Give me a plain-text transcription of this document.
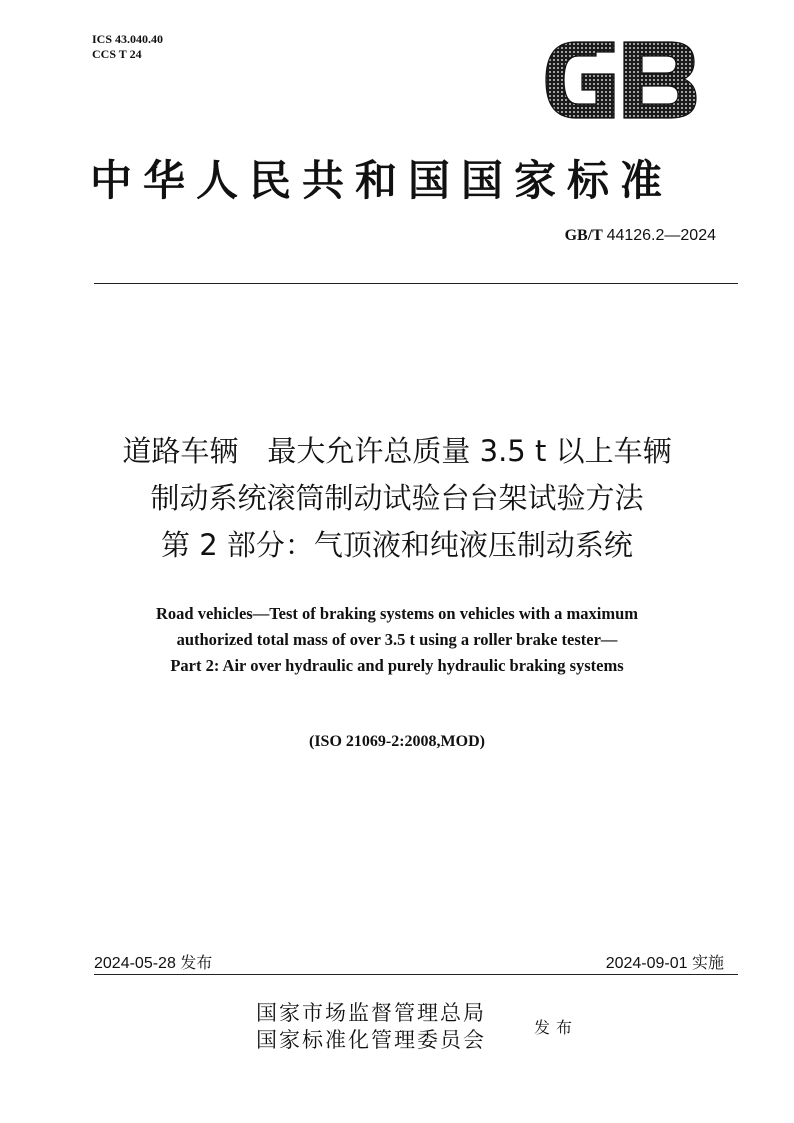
ICS 43.040.40
CCS T 24
中华人民共和国国家标准
GB/T 44126.2—2024
道路车辆　最大允许总质量 3.5 t 以上车辆
制动系统滚筒制动试验台台架试验方法
第 2 部分：气顶液和纯液压制动系统
Road vehicles—Test of braking systems on vehicles with a maximum
authorized total mass of over 3.5 t using a roller brake tester—
Part 2: Air over hydraulic and purely hydraulic braking systems
(ISO 21069-2:2008,MOD)
2024-05-28 发布	2024-09-01 实施
国家市场监督管理总局
国家标准化管理委员会
发布
